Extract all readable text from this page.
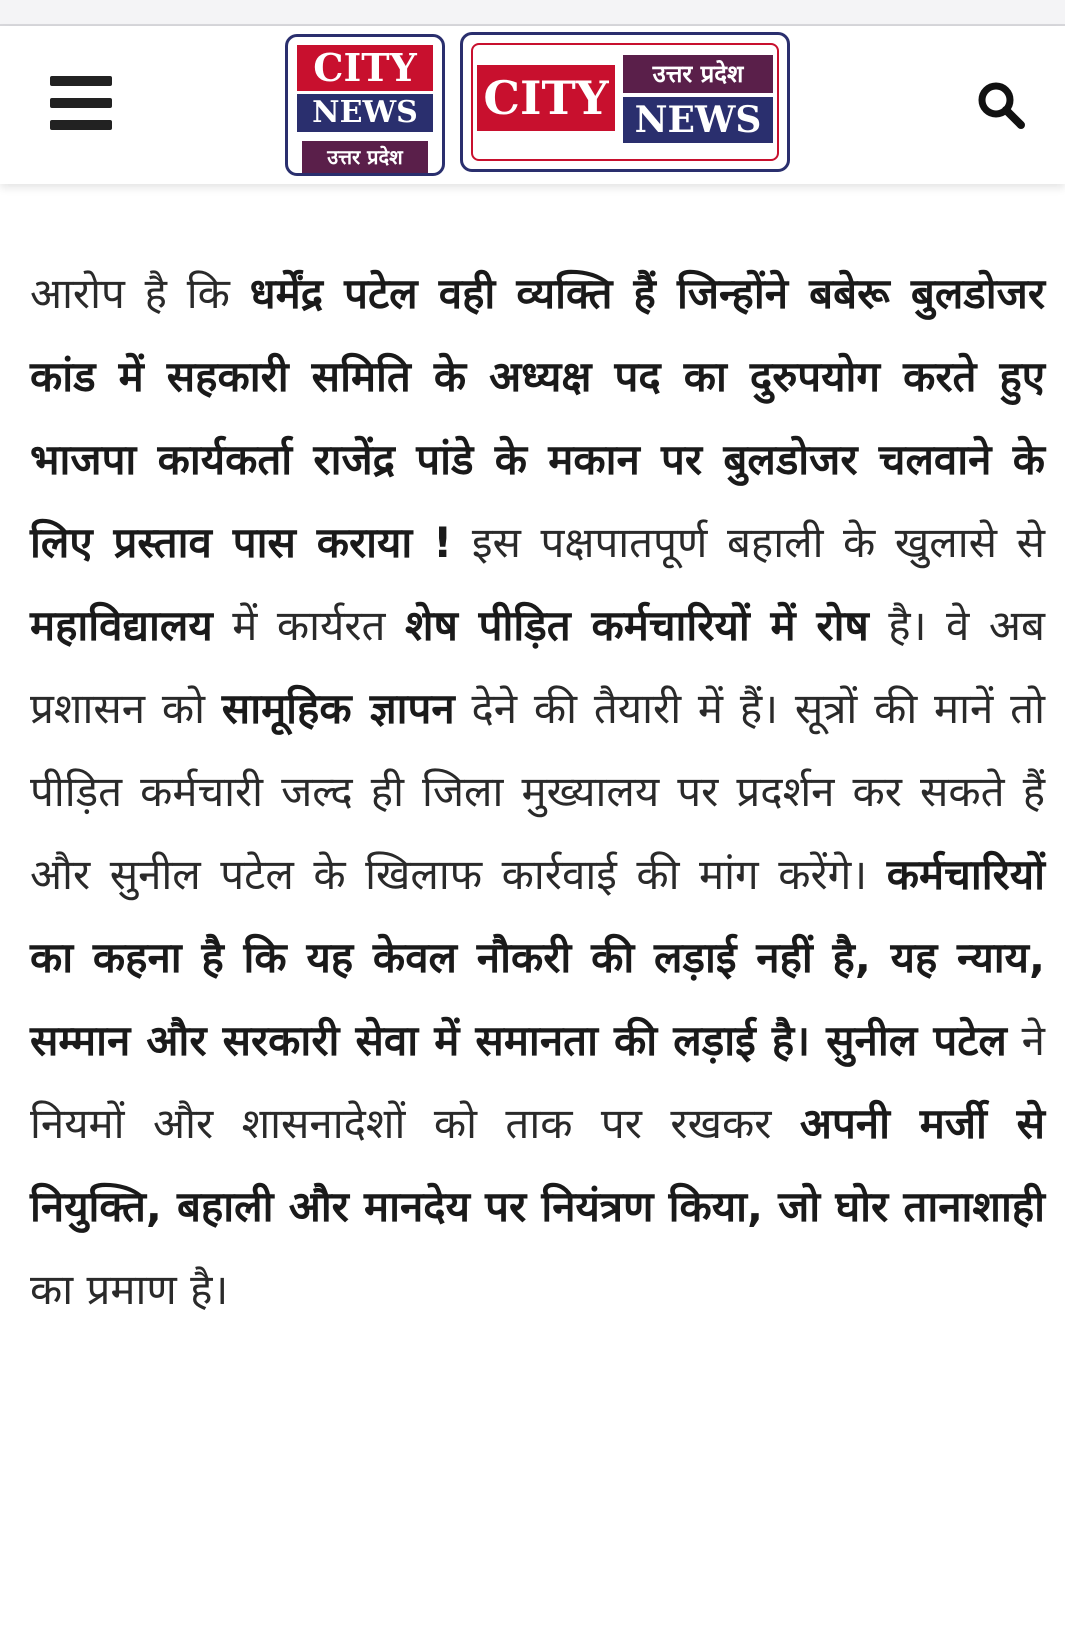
CITY
NEWS
उत्तर प्रदेश
CITY	उत्तर प्रदेश
NEWS

आरोप है कि धर्मेंद्र पटेल वही व्यक्ति हैं जिन्होंने बबेरू बुलडोजर कांड में सहकारी समिति के अध्यक्ष पद का दुरुपयोग करते हुए भाजपा कार्यकर्ता राजेंद्र पांडे के मकान पर बुलडोजर चलवाने के लिए प्रस्ताव पास कराया ! इस पक्षपातपूर्ण बहाली के खुलासे से महाविद्यालय में कार्यरत शेष पीड़ित कर्मचारियों में रोष है। वे अब प्रशासन को सामूहिक ज्ञापन देने की तैयारी में हैं। सूत्रों की मानें तो पीड़ित कर्मचारी जल्द ही जिला मुख्यालय पर प्रदर्शन कर सकते हैं और सुनील पटेल के खिलाफ कार्रवाई की मांग करेंगे। कर्मचारियों का कहना है कि यह केवल नौकरी की लड़ाई नहीं है, यह न्याय, सम्मान और सरकारी सेवा में समानता की लड़ाई है। सुनील पटेल ने नियमों और शासनादेशों को ताक पर रखकर अपनी मर्जी से नियुक्ति, बहाली और मानदेय पर नियंत्रण किया, जो घोर तानाशाही का प्रमाण है।
